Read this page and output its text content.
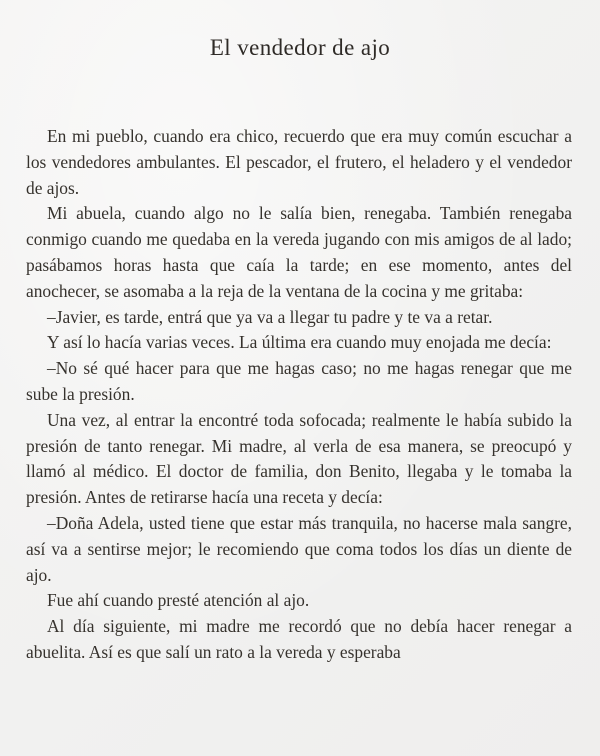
El vendedor de ajo

En mi pueblo, cuando era chico, recuerdo que era muy común escuchar a los vendedores ambulantes. El pescador, el frutero, el heladero y el vendedor de ajos.

Mi abuela, cuando algo no le salía bien, renegaba. También renegaba conmigo cuando me quedaba en la vereda jugando con mis amigos de al lado; pasábamos horas hasta que caía la tarde; en ese momento, antes del anochecer, se asomaba a la reja de la ventana de la cocina y me gritaba:

–Javier, es tarde, entrá que ya va a llegar tu padre y te va a retar.

Y así lo hacía varias veces. La última era cuando muy enojada me decía:

–No sé qué hacer para que me hagas caso; no me hagas renegar que me sube la presión.

Una vez, al entrar la encontré toda sofocada; realmente le había subido la presión de tanto renegar. Mi madre, al verla de esa manera, se preocupó y llamó al médico. El doctor de familia, don Benito, llegaba y le tomaba la presión. Antes de retirarse hacía una receta y decía:

–Doña Adela, usted tiene que estar más tranquila, no hacerse mala sangre, así va a sentirse mejor; le recomiendo que coma todos los días un diente de ajo.

Fue ahí cuando presté atención al ajo.

Al día siguiente, mi madre me recordó que no debía hacer renegar a abuelita. Así es que salí un rato a la vereda y esperaba
